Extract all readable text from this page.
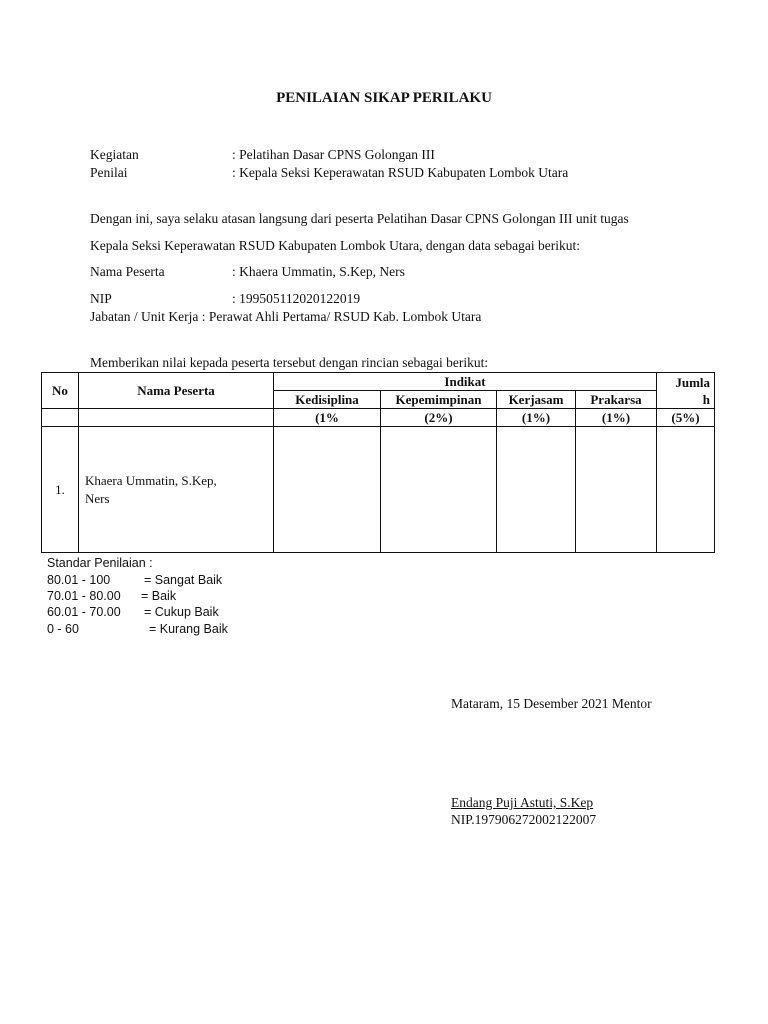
PENILAIAN SIKAP PERILAKU
Kegiatan	: Pelatihan Dasar CPNS Golongan III
Penilai	: Kepala Seksi Keperawatan RSUD Kabupaten Lombok Utara
Dengan ini, saya selaku atasan langsung dari peserta Pelatihan Dasar CPNS Golongan III unit tugas
Kepala Seksi Keperawatan RSUD Kabupaten Lombok Utara, dengan data sebagai berikut:
Nama Peserta	: Khaera Ummatin, S.Kep, Ners
NIP	: 199505112020122019
Jabatan / Unit Kerja : Perawat Ahli Pertama/ RSUD Kab. Lombok Utara
Memberikan nilai kepada peserta tersebut dengan rincian sebagai berikut:
No	Nama Peserta	Indikat				Jumla
h
		Kedisiplina	Kepemimpinan	Kerjasam	Prakarsa	
		(1%	(2%)	(1%)	(1%)	(5%)
1.	Khaera Ummatin, S.Kep,
Ners					
Standar Penilaian :
80.01 - 100	= Sangat Baik
70.01 - 80.00 = Baik
60.01 - 70.00 = Cukup Baik
0 - 60	= Kurang Baik
Mataram, 15 Desember 2021 Mentor
Endang Puji Astuti, S.Kep
NIP.197906272002122007
